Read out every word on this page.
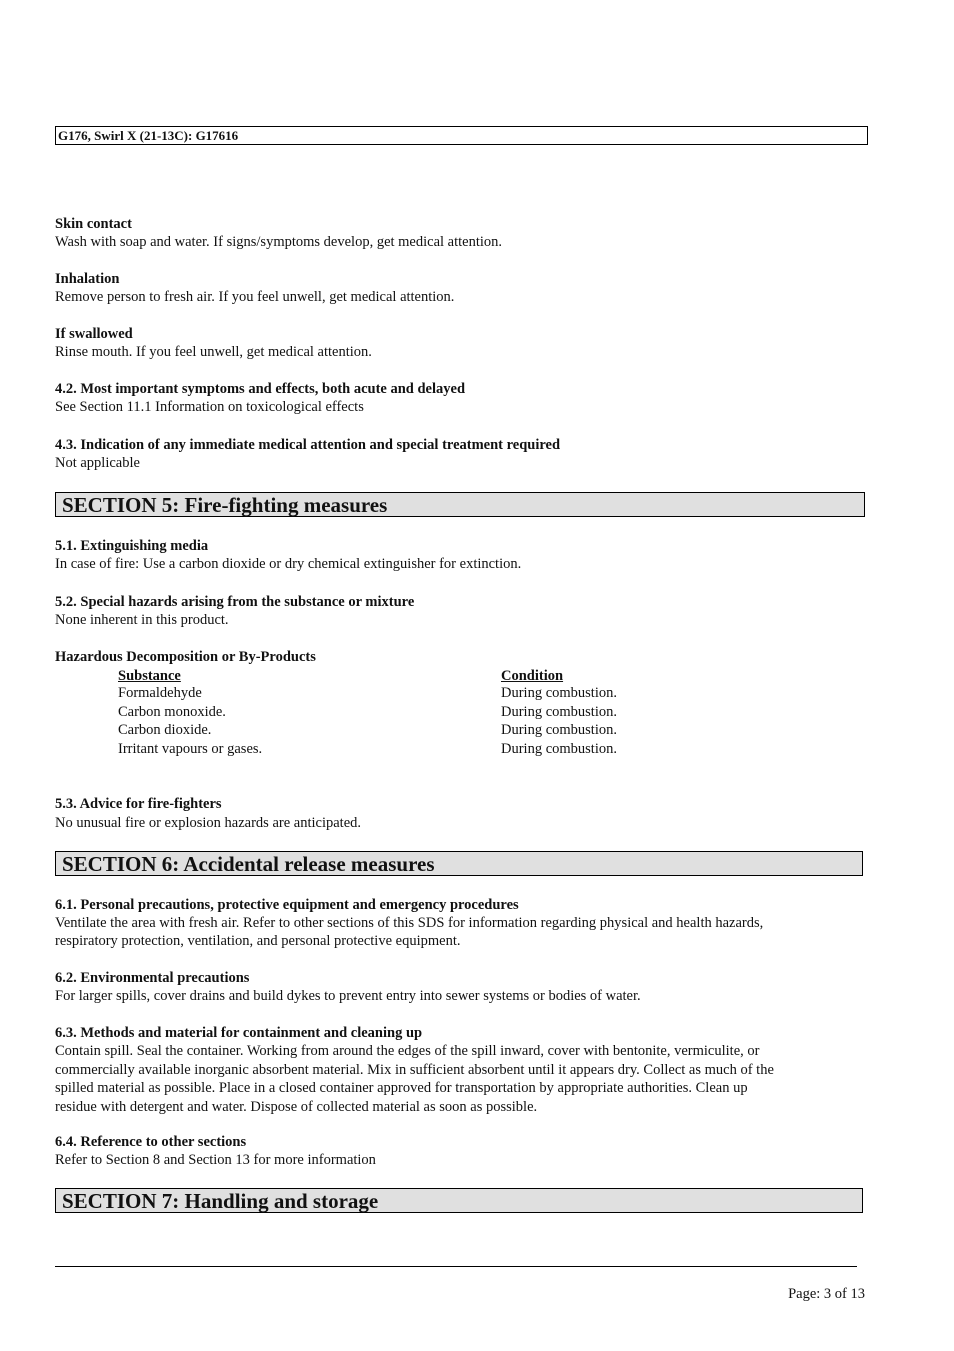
G176, Swirl X (21-13C): G17616
Skin contact
Wash with soap and water. If signs/symptoms develop, get medical attention.
Inhalation
Remove person to fresh air. If you feel unwell, get medical attention.
If swallowed
Rinse mouth. If you feel unwell, get medical attention.
4.2. Most important symptoms and effects, both acute and delayed
See Section 11.1 Information on toxicological effects
4.3. Indication of any immediate medical attention and special treatment required
Not applicable
SECTION 5: Fire-fighting measures
5.1. Extinguishing media
In case of fire: Use a carbon dioxide or dry chemical extinguisher for extinction.
5.2. Special hazards arising from the substance or mixture
None inherent in this product.
Hazardous Decomposition or By-Products
Substance	Condition
Formaldehyde	During combustion.
Carbon monoxide.	During combustion.
Carbon dioxide.	During combustion.
Irritant vapours or gases.	During combustion.
5.3. Advice for fire-fighters
No unusual fire or explosion hazards are anticipated.
SECTION 6: Accidental release measures
6.1. Personal precautions, protective equipment and emergency procedures
Ventilate the area with fresh air. Refer to other sections of this SDS for information regarding physical and health hazards,
respiratory protection, ventilation, and personal protective equipment.
6.2. Environmental precautions
For larger spills, cover drains and build dykes to prevent entry into sewer systems or bodies of water.
6.3. Methods and material for containment and cleaning up
Contain spill. Seal the container. Working from around the edges of the spill inward, cover with bentonite, vermiculite, or
commercially available inorganic absorbent material. Mix in sufficient absorbent until it appears dry. Collect as much of the
spilled material as possible. Place in a closed container approved for transportation by appropriate authorities. Clean up
residue with detergent and water. Dispose of collected material as soon as possible.
6.4. Reference to other sections
Refer to Section 8 and Section 13 for more information
SECTION 7: Handling and storage
Page: 3 of 13
